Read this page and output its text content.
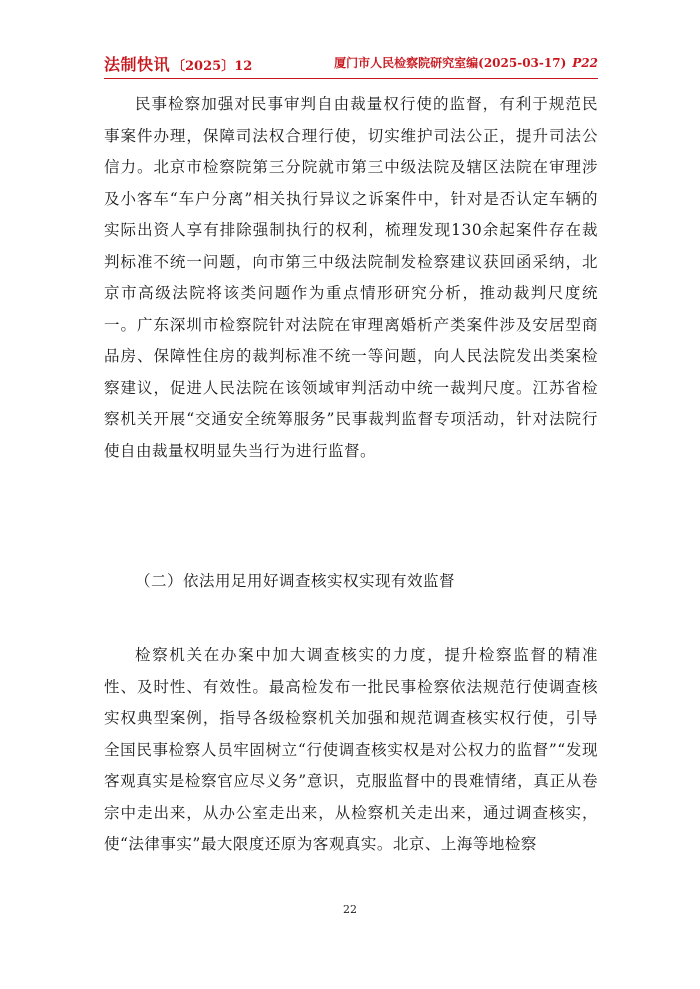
法制快讯 〔2025〕12	厦门市人民检察院研究室编(2025-03-17) P22

民事检察加强对民事审判自由裁量权行使的监督，有利于规范民事案件办理，保障司法权合理行使，切实维护司法公正，提升司法公信力。北京市检察院第三分院就市第三中级法院及辖区法院在审理涉及小客车“车户分离”相关执行异议之诉案件中，针对是否认定车辆的实际出资人享有排除强制执行的权利，梳理发现130余起案件存在裁判标准不统一问题，向市第三中级法院制发检察建议获回函采纳，北京市高级法院将该类问题作为重点情形研究分析，推动裁判尺度统一。广东深圳市检察院针对法院在审理离婚析产类案件涉及安居型商品房、保障性住房的裁判标准不统一等问题，向人民法院发出类案检察建议，促进人民法院在该领域审判活动中统一裁判尺度。江苏省检察机关开展“交通安全统筹服务”民事裁判监督专项活动，针对法院行使自由裁量权明显失当行为进行监督。

（二）依法用足用好调查核实权实现有效监督

检察机关在办案中加大调查核实的力度，提升检察监督的精准性、及时性、有效性。最高检发布一批民事检察依法规范行使调查核实权典型案例，指导各级检察机关加强和规范调查核实权行使，引导全国民事检察人员牢固树立“行使调查核实权是对公权力的监督”“发现客观真实是检察官应尽义务”意识，克服监督中的畏难情绪，真正从卷宗中走出来，从办公室走出来，从检察机关走出来，通过调查核实，使“法律事实”最大限度还原为客观真实。北京、上海等地检察

22
